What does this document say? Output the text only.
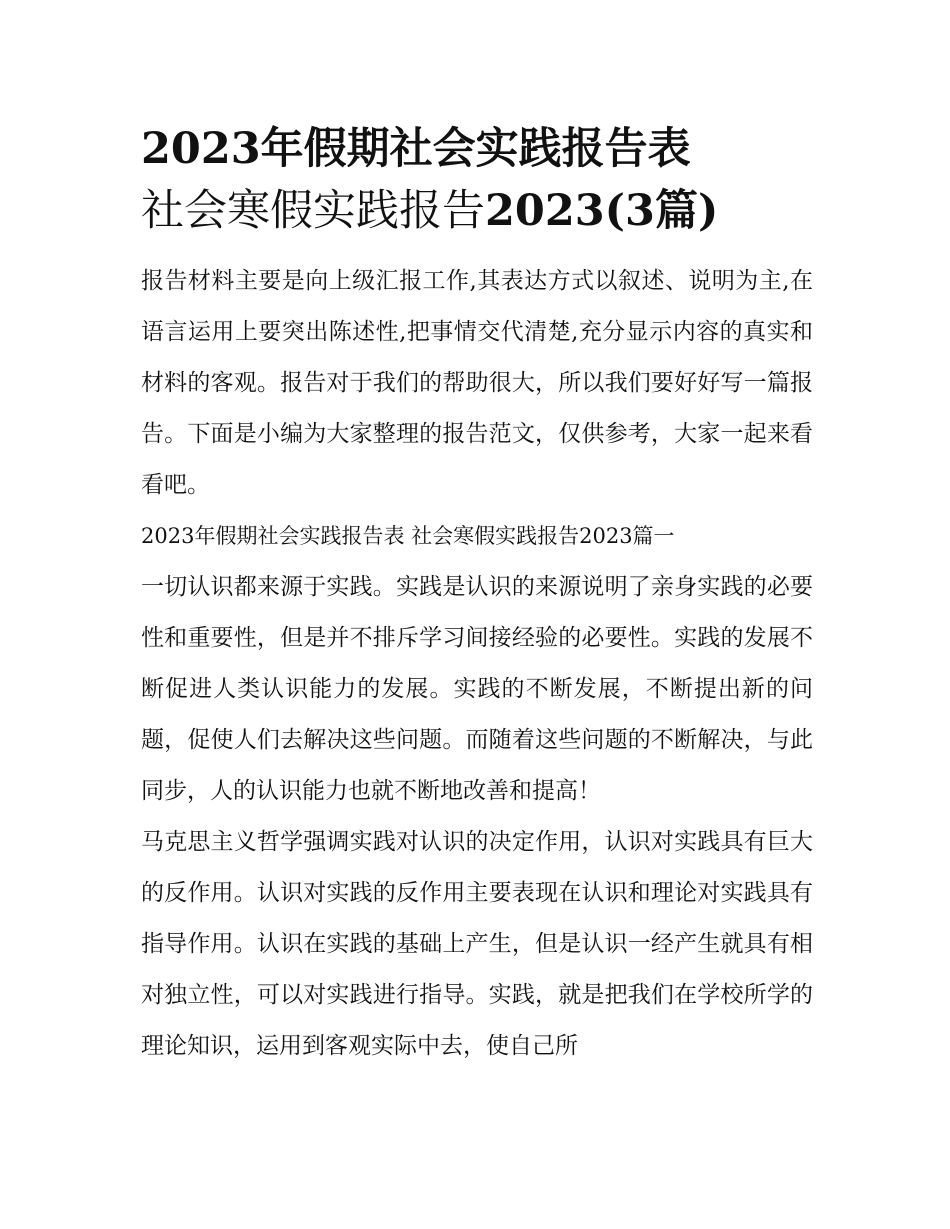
2023年假期社会实践报告表
社会寒假实践报告2023(3篇)

报告材料主要是向上级汇报工作,其表达方式以叙述、说明为主,在语言运用上要突出陈述性,把事情交代清楚,充分显示内容的真实和材料的客观。报告对于我们的帮助很大，所以我们要好好写一篇报告。下面是小编为大家整理的报告范文，仅供参考，大家一起来看看吧。

2023年假期社会实践报告表 社会寒假实践报告2023篇一

一切认识都来源于实践。实践是认识的来源说明了亲身实践的必要性和重要性，但是并不排斥学习间接经验的必要性。实践的发展不断促进人类认识能力的发展。实践的不断发展，不断提出新的问题，促使人们去解决这些问题。而随着这些问题的不断解决，与此同步，人的认识能力也就不断地改善和提高！

马克思主义哲学强调实践对认识的决定作用，认识对实践具有巨大的反作用。认识对实践的反作用主要表现在认识和理论对实践具有指导作用。认识在实践的基础上产生，但是认识一经产生就具有相对独立性，可以对实践进行指导。实践，就是把我们在学校所学的理论知识，运用到客观实际中去，使自己所
